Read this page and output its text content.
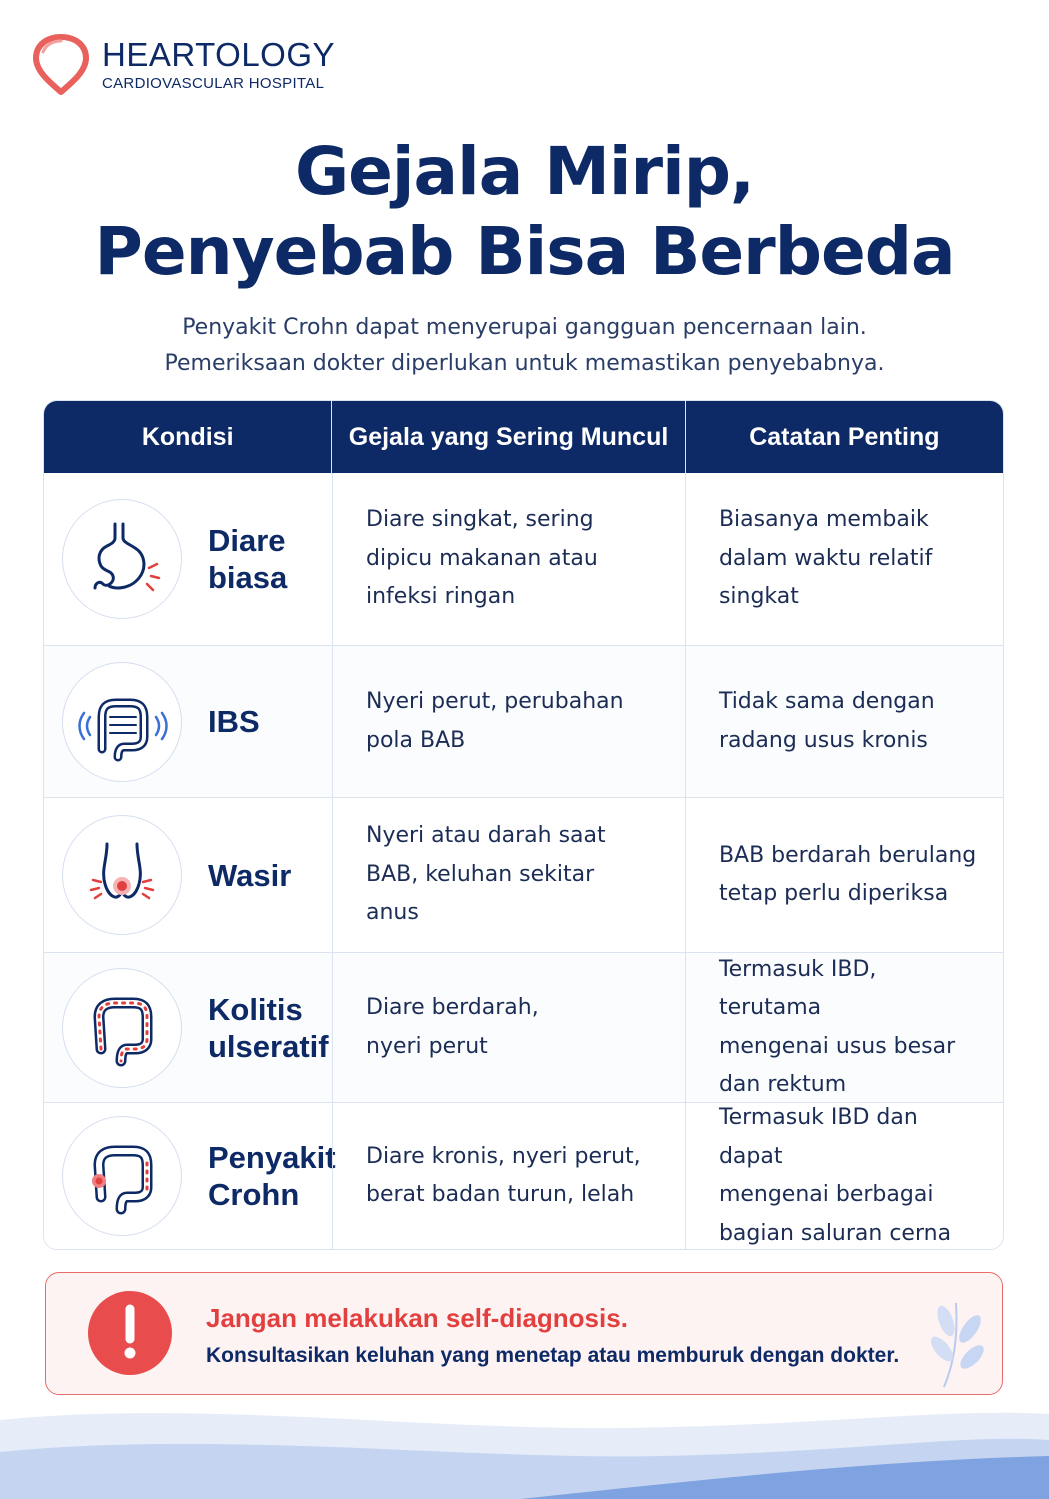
HEARTOLOGY
CARDIOVASCULAR HOSPITAL
Gejala Mirip,
Penyebab Bisa Berbeda
Penyakit Crohn dapat menyerupai gangguan pencernaan lain.
Pemeriksaan dokter diperlukan untuk memastikan penyebabnya.
Kondisi	Gejala yang Sering Muncul	Catatan Penting
Diare
biasa
Diare singkat, sering
dipicu makanan atau
infeksi ringan
Biasanya membaik
dalam waktu relatif
singkat
IBS
Nyeri perut, perubahan
pola BAB
Tidak sama dengan
radang usus kronis
Wasir
Nyeri atau darah saat
BAB, keluhan sekitar
anus
BAB berdarah berulang
tetap perlu diperiksa
Kolitis
ulseratif
Diare berdarah,
nyeri perut
Termasuk IBD, terutama
mengenai usus besar
dan rektum
Penyakit
Crohn
Diare kronis, nyeri perut,
berat badan turun, lelah
Termasuk IBD dan dapat
mengenai berbagai
bagian saluran cerna
Jangan melakukan self-diagnosis.
Konsultasikan keluhan yang menetap atau memburuk dengan dokter.
